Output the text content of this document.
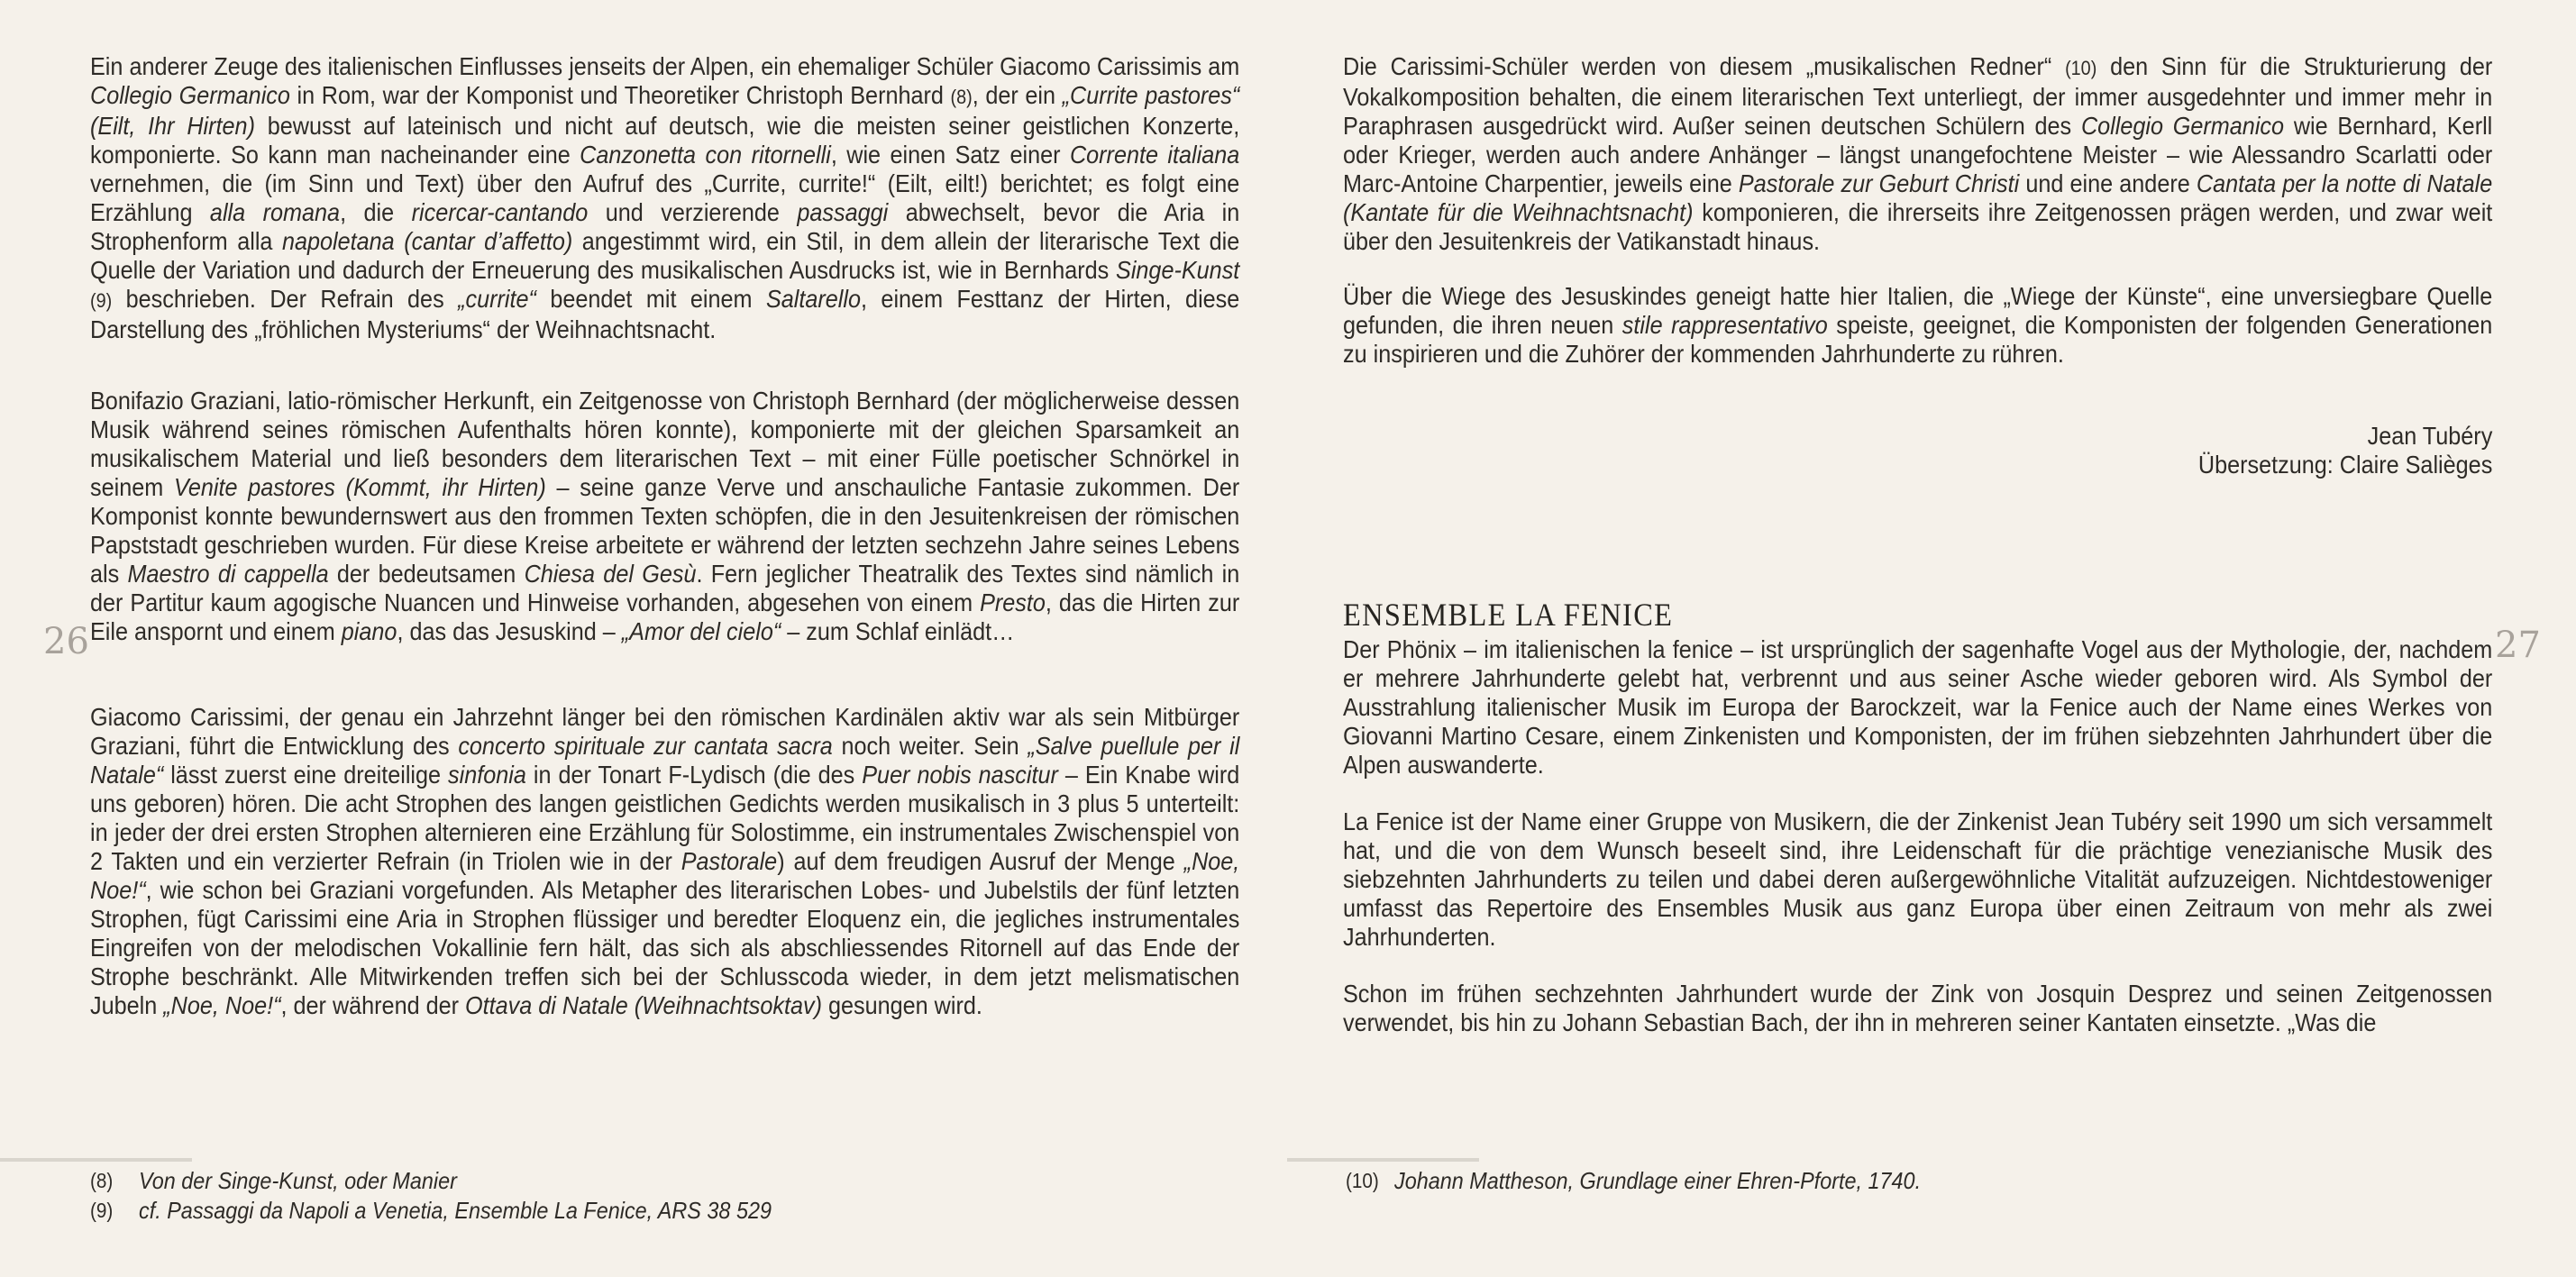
26
Ein anderer Zeuge des italienischen Einflusses jenseits der Alpen, ein ehemaliger Schüler Giacomo Carissimis am Collegio Germanico in Rom, war der Komponist und Theoretiker Christoph Bernhard (8), der ein „Currite pastores“ (Eilt, Ihr Hirten) bewusst auf lateinisch und nicht auf deutsch, wie die meisten seiner geistlichen Konzerte, komponierte. So kann man nacheinander eine Canzonetta con ritornelli, wie einen Satz einer Corrente italiana vernehmen, die (im Sinn und Text) über den Aufruf des „Currite, currite!“ (Eilt, eilt!) berichtet; es folgt eine Erzählung alla romana, die ricercar-cantando und verzierende passaggi abwechselt, bevor die Aria in Strophenform alla napoletana (cantar d’affetto) angestimmt wird, ein Stil, in dem allein der literarische Text die Quelle der Variation und dadurch der Erneuerung des musikalischen Ausdrucks ist, wie in Bernhards Singe-Kunst (9) beschrieben. Der Refrain des „currite“ beendet mit einem Saltarello, einem Festtanz der Hirten, diese Darstellung des „fröhlichen Mysteriums“ der Weihnachtsnacht.
Bonifazio Graziani, latio-römischer Herkunft, ein Zeitgenosse von Christoph Bernhard (der möglicherweise dessen Musik während seines römischen Aufenthalts hören konnte), komponierte mit der gleichen Sparsamkeit an musikalischem Material und ließ besonders dem literarischen Text – mit einer Fülle poetischer Schnörkel in seinem Venite pastores (Kommt, ihr Hirten) – seine ganze Verve und anschauliche Fantasie zukommen. Der Komponist konnte bewundernswert aus den frommen Texten schöpfen, die in den Jesuitenkreisen der römischen Papststadt geschrieben wurden. Für diese Kreise arbeitete er während der letzten sechzehn Jahre seines Lebens als Maestro di cappella der bedeutsamen Chiesa del Gesù. Fern jeglicher Theatralik des Textes sind nämlich in der Partitur kaum agogische Nuancen und Hinweise vorhanden, abgesehen von einem Presto, das die Hirten zur Eile anspornt und einem piano, das das Jesuskind – „Amor del cielo“ – zum Schlaf einlädt…
Giacomo Carissimi, der genau ein Jahrzehnt länger bei den römischen Kardinälen aktiv war als sein Mitbürger Graziani, führt die Entwicklung des concerto spirituale zur cantata sacra noch weiter. Sein „Salve puellule per il Natale“ lässt zuerst eine dreiteilige sinfonia in der Tonart F-Lydisch (die des Puer nobis nascitur – Ein Knabe wird uns geboren) hören. Die acht Strophen des langen geistlichen Gedichts werden musikalisch in 3 plus 5 unterteilt: in jeder der drei ersten Strophen alternieren eine Erzählung für Solostimme, ein instrumentales Zwischenspiel von 2 Takten und ein verzierter Refrain (in Triolen wie in der Pastorale) auf dem freudigen Ausruf der Menge „Noe, Noe!“, wie schon bei Graziani vorgefunden. Als Metapher des literarischen Lobes- und Jubelstils der fünf letzten Strophen, fügt Carissimi eine Aria in Strophen flüssiger und beredter Eloquenz ein, die jegliches instrumentales Eingreifen von der melodischen Vokallinie fern hält, das sich als abschliessendes Ritornell auf das Ende der Strophe beschränkt. Alle Mitwirkenden treffen sich bei der Schlusscoda wieder, in dem jetzt melismatischen Jubeln „Noe, Noe!“, der während der Ottava di Natale (Weihnachtsoktav) gesungen wird.
(8)	Von der Singe-Kunst, oder Manier
(9)	cf. Passaggi da Napoli a Venetia, Ensemble La Fenice, ARS 38 529
27
Die Carissimi-Schüler werden von diesem „musikalischen Redner“ (10) den Sinn für die Strukturierung der Vokalkomposition behalten, die einem literarischen Text unterliegt, der immer ausgedehnter und immer mehr in Paraphrasen ausgedrückt wird. Außer seinen deutschen Schülern des Collegio Germanico wie Bernhard, Kerll oder Krieger, werden auch andere Anhänger – längst unangefochtene Meister – wie Alessandro Scarlatti oder Marc-Antoine Charpentier, jeweils eine Pastorale zur Geburt Christi und eine andere Cantata per la notte di Natale (Kantate für die Weihnachtsnacht) komponieren, die ihrerseits ihre Zeitgenossen prägen werden, und zwar weit über den Jesuitenkreis der Vatikanstadt hinaus.
Über die Wiege des Jesuskindes geneigt hatte hier Italien, die „Wiege der Künste“, eine unversiegbare Quelle gefunden, die ihren neuen stile rappresentativo speiste, geeignet, die Komponisten der folgenden Generationen zu inspirieren und die Zuhörer der kommenden Jahrhunderte zu rühren.
Jean Tubéry
Übersetzung: Claire Salièges
ENSEMBLE LA FENICE
Der Phönix – im italienischen la fenice – ist ursprünglich der sagenhafte Vogel aus der Mythologie, der, nachdem er mehrere Jahrhunderte gelebt hat, verbrennt und aus seiner Asche wieder geboren wird. Als Symbol der Ausstrahlung italienischer Musik im Europa der Barockzeit, war la Fenice auch der Name eines Werkes von Giovanni Martino Cesare, einem Zinkenisten und Komponisten, der im frühen siebzehnten Jahrhundert über die Alpen auswanderte.
La Fenice ist der Name einer Gruppe von Musikern, die der Zinkenist Jean Tubéry seit 1990 um sich versammelt hat, und die von dem Wunsch beseelt sind, ihre Leidenschaft für die prächtige venezianische Musik des siebzehnten Jahrhunderts zu teilen und dabei deren außergewöhnliche Vitalität aufzuzeigen. Nichtdestoweniger umfasst das Repertoire des Ensembles Musik aus ganz Europa über einen Zeitraum von mehr als zwei Jahrhunderten.
Schon im frühen sechzehnten Jahrhundert wurde der Zink von Josquin Desprez und seinen Zeitgenossen verwendet, bis hin zu Johann Sebastian Bach, der ihn in mehreren seiner Kantaten einsetzte. „Was die
(10) Johann Mattheson, Grundlage einer Ehren-Pforte, 1740.
